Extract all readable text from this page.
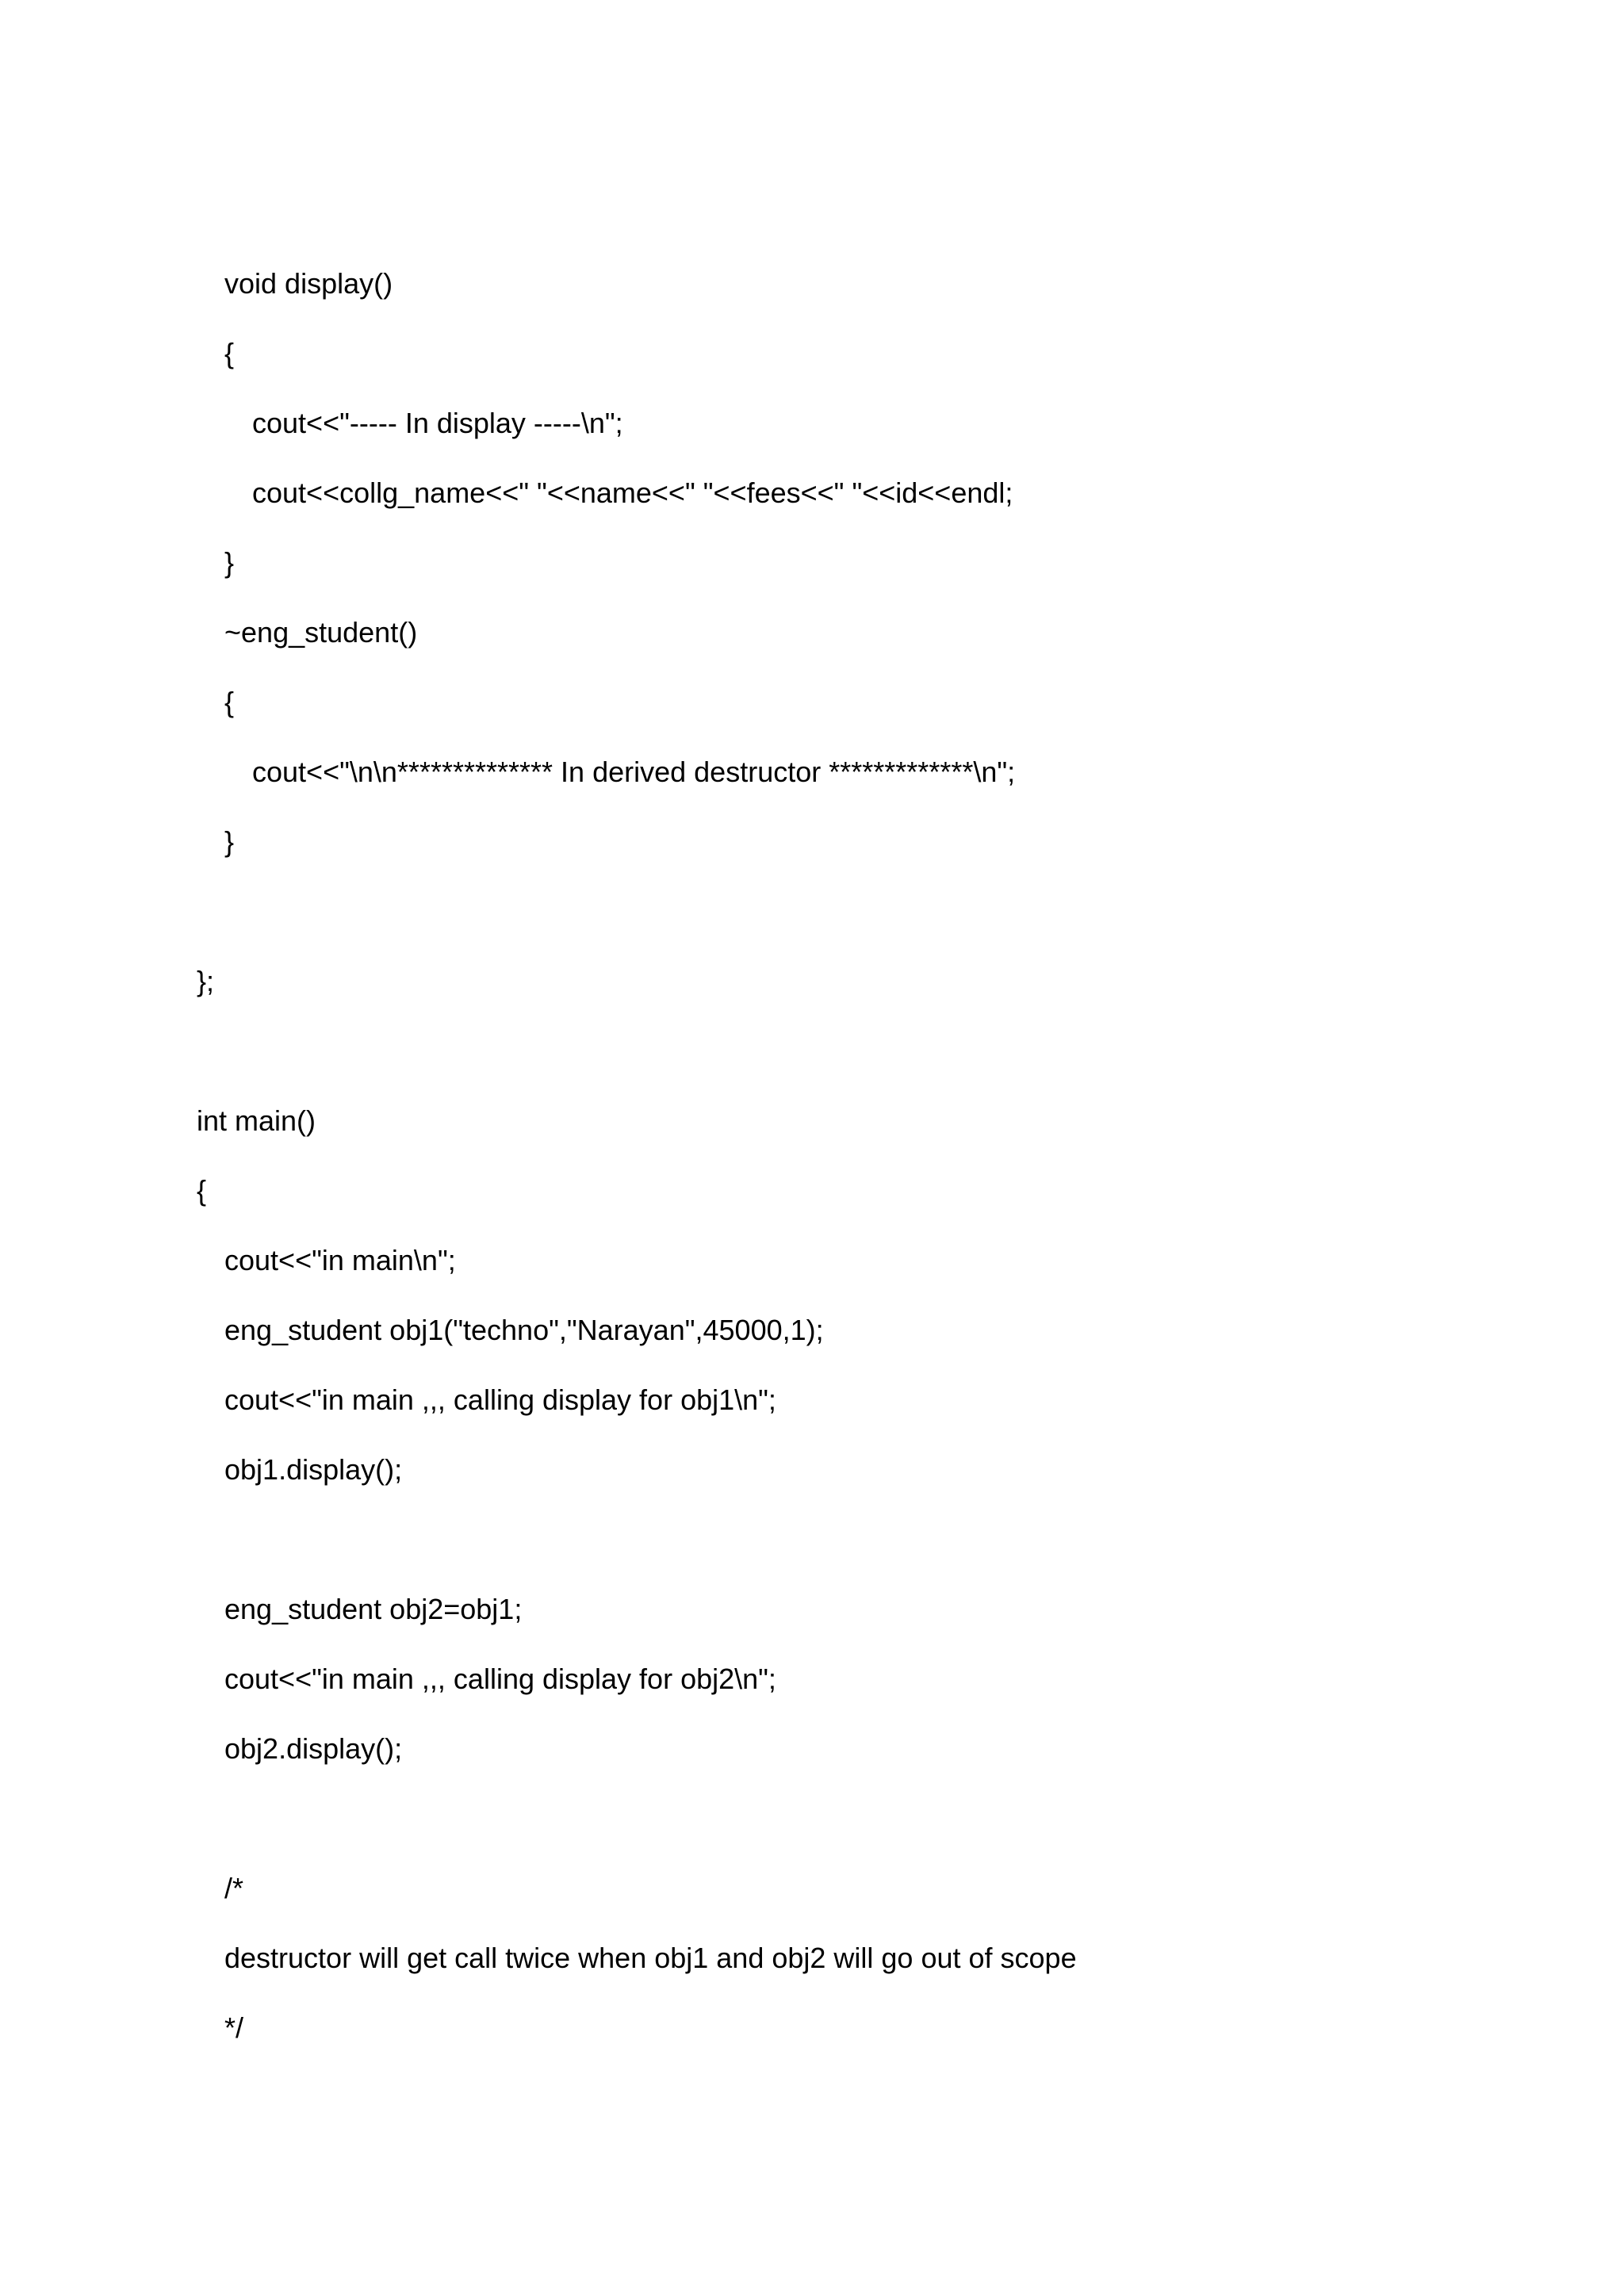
void display()

{

cout<<"----- In display -----\n";

cout<<collg_name<<" "<<name<<" "<<fees<<" "<<id<<endl;

}

~eng_student()

{

cout<<"\n\n************** In derived destructor *************\n";

}

};

int main()

{

cout<<"in main\n";

eng_student obj1("techno","Narayan",45000,1);

cout<<"in main ,,, calling display for obj1\n";

obj1.display();

eng_student obj2=obj1;

cout<<"in main ,,, calling display for obj2\n";

obj2.display();

/*

destructor will get call twice when obj1 and obj2 will go out of scope

*/
